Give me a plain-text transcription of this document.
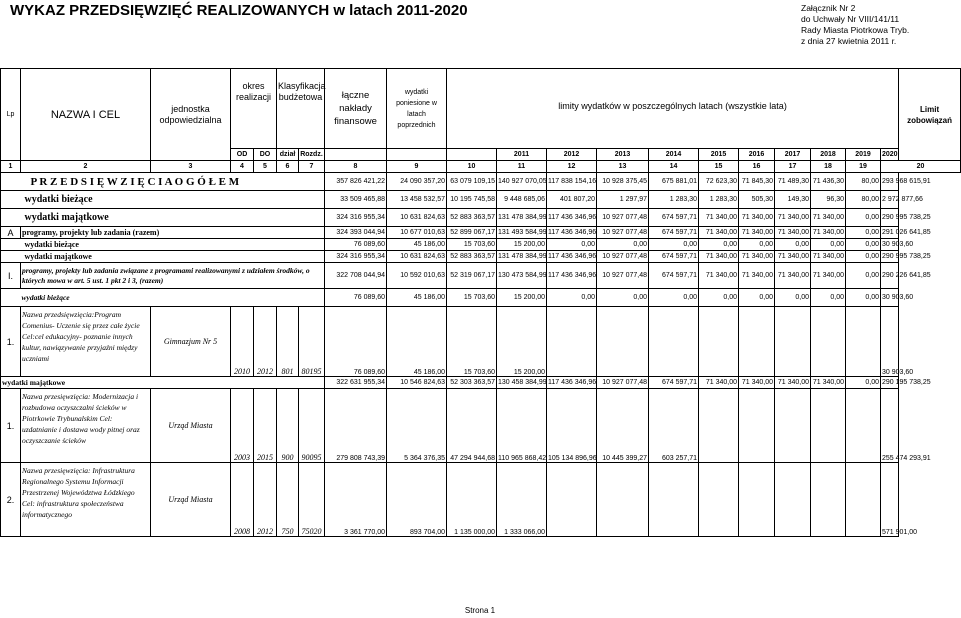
WYKAZ PRZEDSIĘWZIĘĆ REALIZOWANYCH w latach 2011-2020	Załącznik Nr 2
do Uchwały Nr VIII/141/11
Rady Miasta Piotrkowa Tryb.
z dnia 27 kwietnia 2011 r.
Lp	NAZWA I CEL	jednostka odpowiedzialna	okres realizacji		Klasyfikacja budżetowa		łączne nakłady finansowe	wydatki poniesione w latach poprzednich	limity wydatków w poszczególnych latach (wszystkie lata)											Limit zobowiązań
			OD	DO	dział	Rozdz.				2011	2012	2013	2014	2015	2016	2017	2018	2019	2020	
1	2	3	4	5	6	7	8	9	10	11	12	13	14	15	16	17	18	19	20	
	P R Z E D S I Ę W Z I Ę C I A O G Ó Ł E M						357 826 421,22	24 090 357,20	63 079 109,15	140 927 070,05	117 838 154,16	10 928 375,45	675 881,01	72 623,30	71 845,30	71 489,30	71 436,30	80,00	293 968 615,91	
	wydatki bieżące						33 509 465,88	13 458 532,57	10 195 745,58	9 448 685,06	401 807,20	1 297,97	1 283,30	1 283,30	505,30	149,30	96,30	80,00	2 972 877,66	
	wydatki majątkowe						324 316 955,34	10 631 824,63	52 883 363,57	131 478 384,99	117 436 346,96	10 927 077,48	674 597,71	71 340,00	71 340,00	71 340,00	71 340,00	0,00	290 995 738,25	
A	programy, projekty lub zadania (razem)						324 393 044,94	10 677 010,63	52 899 067,17	131 493 584,99	117 436 346,96	10 927 077,48	674 597,71	71 340,00	71 340,00	71 340,00	71 340,00	0,00	291 026 641,85	
	wydatki bieżące						76 089,60	45 186,00	15 703,60	15 200,00	0,00	0,00	0,00	0,00	0,00	0,00	0,00	0,00	30 903,60	
	wydatki majątkowe						324 316 955,34	10 631 824,63	52 883 363,57	131 478 384,99	117 436 346,96	10 927 077,48	674 597,71	71 340,00	71 340,00	71 340,00	71 340,00	0,00	290 995 738,25	
I.	programy, projekty lub zadania związane z programami realizowanymi z udziałem środków, o których mowa w art. 5 ust. 1 pkt 2 i 3, (razem)						322 708 044,94	10 592 010,63	52 319 067,17	130 473 584,99	117 436 346,96	10 927 077,48	674 597,71	71 340,00	71 340,00	71 340,00	71 340,00	0,00	290 226 641,85	
	wydatki bieżące						76 089,60	45 186,00	15 703,60	15 200,00	0,00	0,00	0,00	0,00	0,00	0,00	0,00	0,00	30 903,60	
1.	Nazwa przedsięwzięcia:Program Comenius- Uczenie się przez całe życie Cel:cel edukacyjny- poznanie innych kultur, nawiązywanie przyjaźni między uczniami	Gimnazjum Nr 5	2010	2012	801	80195	76 089,60	45 186,00	15 703,60	15 200,00									30 903,60	
wydatki majątkowe							322 631 955,34	10 546 824,63	52 303 363,57	130 458 384,99	117 436 346,96	10 927 077,48	674 597,71	71 340,00	71 340,00	71 340,00	71 340,00	0,00	290 195 738,25	
1.	Nazwa przesięwzięcia: Modernizacja i rozbudowa oczyszczalni ścieków w Piotrkowie Trybunalskim Cel: uzdatnianie i dostawa wody pitnej oraz oczyszczanie ścieków	Urząd Miasta	2003	2015	900	90095	279 808 743,39	5 364 376,35	47 294 944,68	110 965 868,42	105 134 896,96	10 445 399,27	603 257,71						255 474 293,91	
2.	Nazwa przesięwzięcia: Infrastruktura Regionalnego Systemu Informacji Przestrzenej Województwa Łódzkiego Cel: infrastruktura społeczeństwa informatycznego	Urząd Miasta	2008	2012	750	75020	3 361 770,00	893 704,00	1 135 000,00	1 333 066,00									571 901,00	
Strona 1
